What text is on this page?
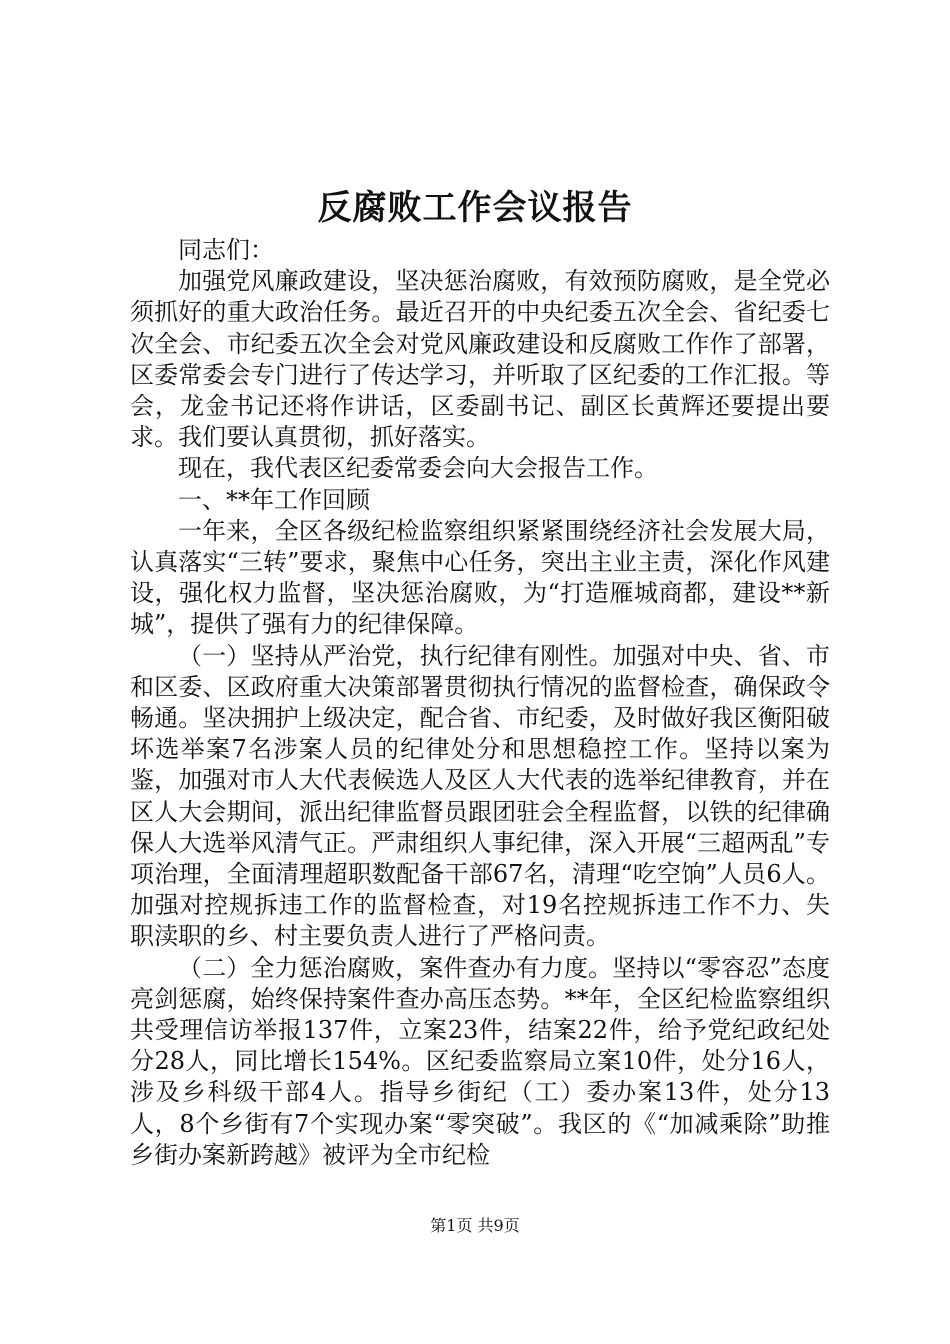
反腐败工作会议报告

同志们：

加强党风廉政建设，坚决惩治腐败，有效预防腐败，是全党必须抓好的重大政治任务。最近召开的中央纪委五次全会、省纪委七次全会、市纪委五次全会对党风廉政建设和反腐败工作作了部署，区委常委会专门进行了传达学习，并听取了区纪委的工作汇报。等会，龙金书记还将作讲话，区委副书记、副区长黄辉还要提出要求。我们要认真贯彻，抓好落实。

现在，我代表区纪委常委会向大会报告工作。

一、**年工作回顾

一年来，全区各级纪检监察组织紧紧围绕经济社会发展大局，认真落实“三转”要求，聚焦中心任务，突出主业主责，深化作风建设，强化权力监督，坚决惩治腐败，为“打造雁城商都，建设**新城”，提供了强有力的纪律保障。

（一）坚持从严治党，执行纪律有刚性。加强对中央、省、市和区委、区政府重大决策部署贯彻执行情况的监督检查，确保政令畅通。坚决拥护上级决定，配合省、市纪委，及时做好我区衡阳破坏选举案7名涉案人员的纪律处分和思想稳控工作。坚持以案为鉴，加强对市人大代表候选人及区人大代表的选举纪律教育，并在区人大会期间，派出纪律监督员跟团驻会全程监督，以铁的纪律确保人大选举风清气正。严肃组织人事纪律，深入开展“三超两乱”专项治理，全面清理超职数配备干部67名，清理“吃空饷”人员6人。加强对控规拆违工作的监督检查，对19名控规拆违工作不力、失职渎职的乡、村主要负责人进行了严格问责。

（二）全力惩治腐败，案件查办有力度。坚持以“零容忍”态度亮剑惩腐，始终保持案件查办高压态势。**年，全区纪检监察组织共受理信访举报137件，立案23件，结案22件，给予党纪政纪处分28人，同比增长154%。区纪委监察局立案10件，处分16人，涉及乡科级干部4人。指导乡街纪（工）委办案13件，处分13人，8个乡街有7个实现办案“零突破”。我区的《“加减乘除”助推乡街办案新跨越》被评为全市纪检

第1页 共9页
